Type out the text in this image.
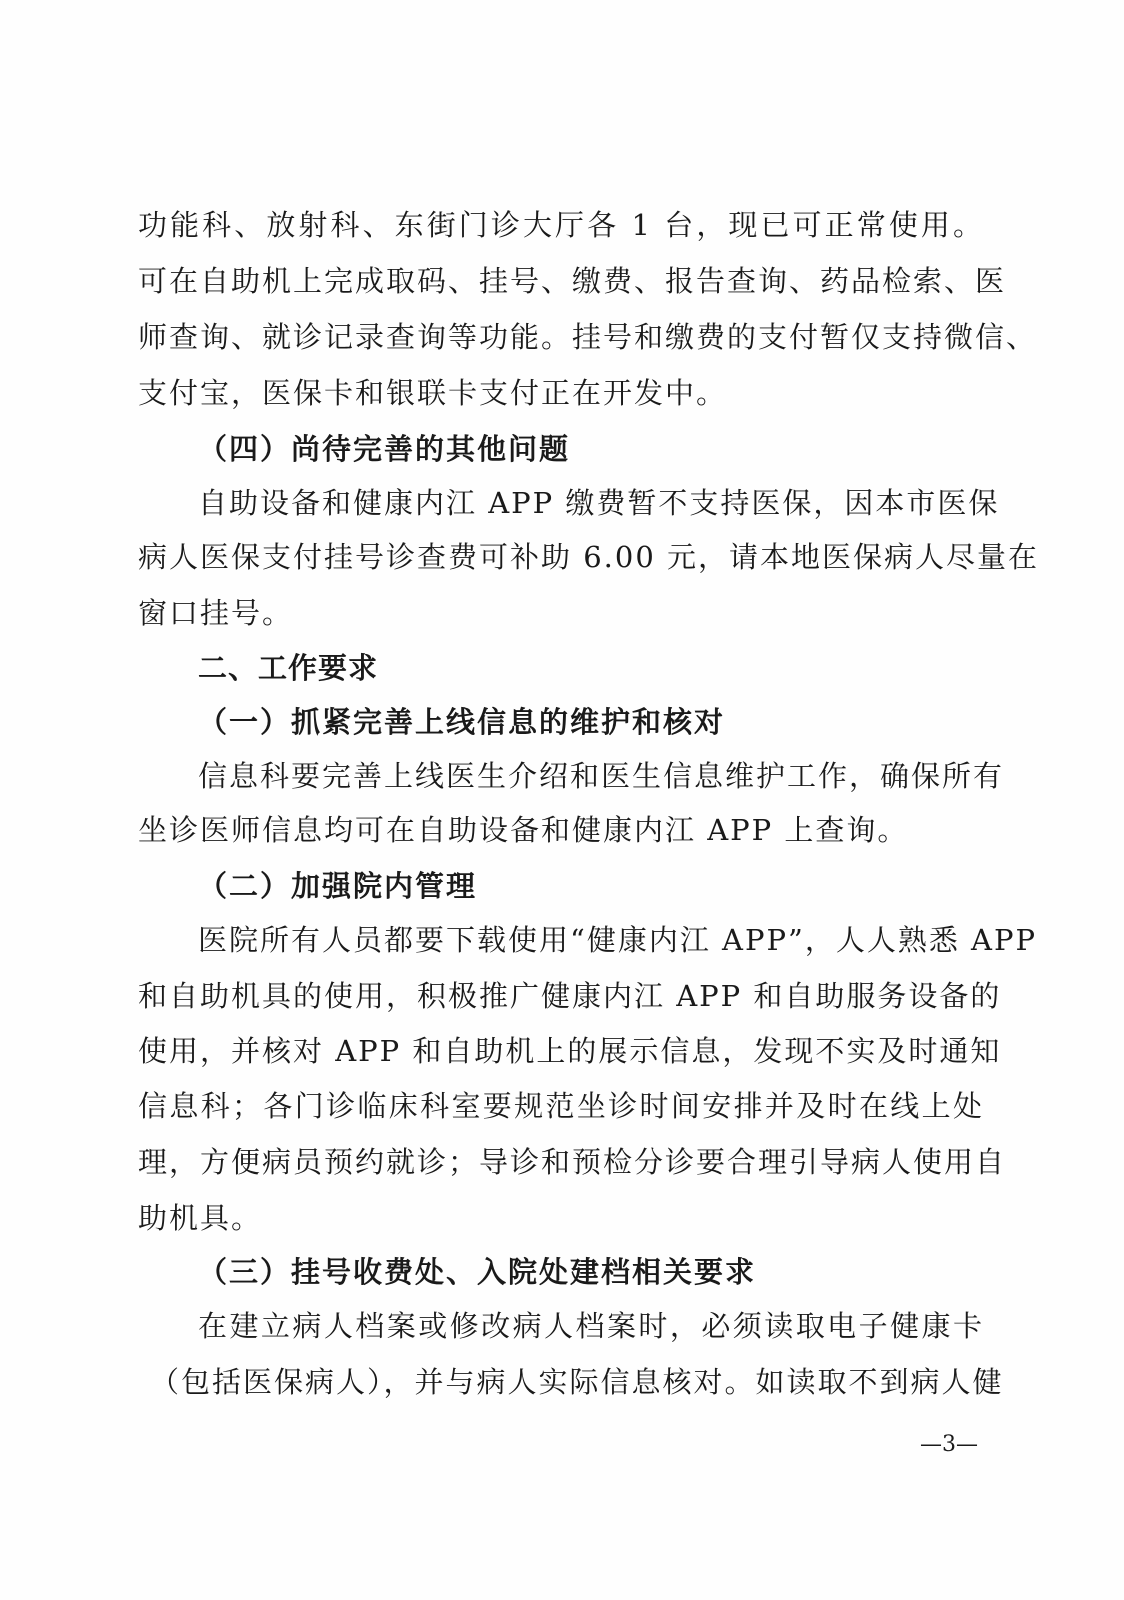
功能科、放射科、东街门诊大厅各 1 台，现已可正常使用。
可在自助机上完成取码、挂号、缴费、报告查询、药品检索、医
师查询、就诊记录查询等功能。挂号和缴费的支付暂仅支持微信、
支付宝，医保卡和银联卡支付正在开发中。
（四）尚待完善的其他问题
自助设备和健康内江 APP 缴费暂不支持医保，因本市医保
病人医保支付挂号诊查费可补助 6.00 元，请本地医保病人尽量在
窗口挂号。
二、工作要求
（一）抓紧完善上线信息的维护和核对
信息科要完善上线医生介绍和医生信息维护工作，确保所有
坐诊医师信息均可在自助设备和健康内江 APP 上查询。
（二）加强院内管理
医院所有人员都要下载使用“健康内江 APP”，人人熟悉 APP
和自助机具的使用，积极推广健康内江 APP 和自助服务设备的
使用，并核对 APP 和自助机上的展示信息，发现不实及时通知
信息科；各门诊临床科室要规范坐诊时间安排并及时在线上处
理，方便病员预约就诊；导诊和预检分诊要合理引导病人使用自
助机具。
（三）挂号收费处、入院处建档相关要求
在建立病人档案或修改病人档案时，必须读取电子健康卡
（包括医保病人），并与病人实际信息核对。如读取不到病人健
—3—
